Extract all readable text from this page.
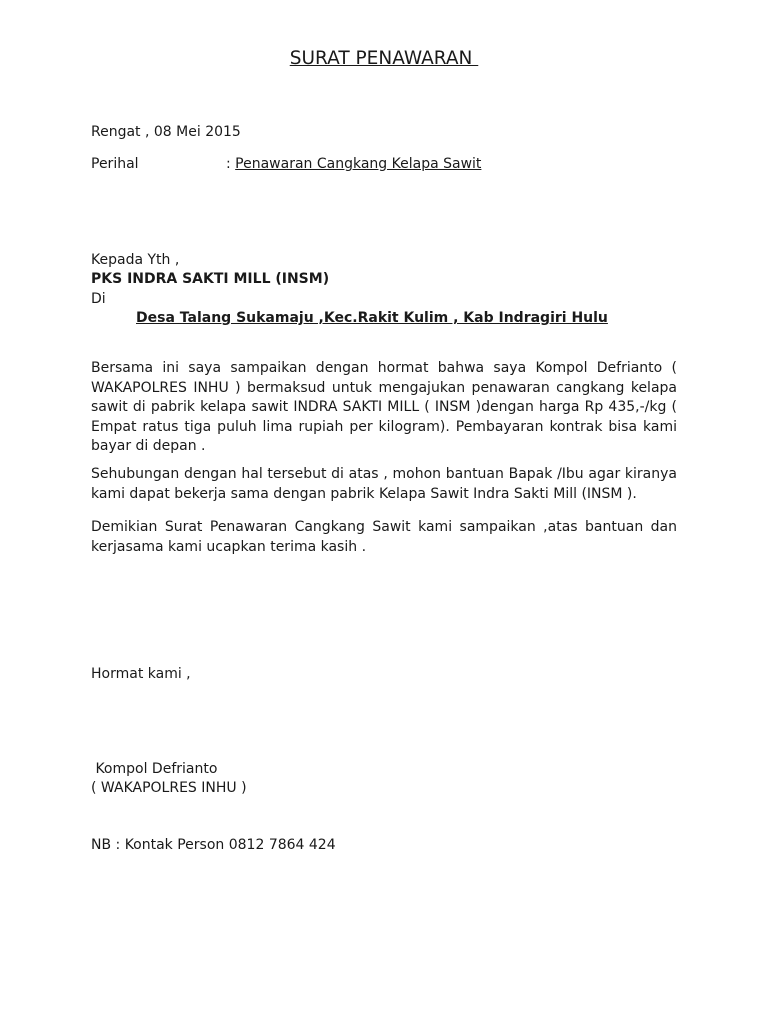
SURAT PENAWARAN
Rengat , 08 Mei 2015
Perihal	: Penawaran Cangkang Kelapa Sawit
Kepada Yth ,
PKS INDRA SAKTI MILL (INSM)
Di
Desa Talang Sukamaju ,Kec.Rakit Kulim , Kab Indragiri Hulu
Bersama ini saya sampaikan dengan hormat bahwa saya Kompol Defrianto ( WAKAPOLRES INHU ) bermaksud untuk mengajukan penawaran cangkang kelapa sawit di pabrik kelapa sawit INDRA SAKTI MILL ( INSM )dengan harga Rp 435,-/kg ( Empat ratus tiga puluh lima rupiah per kilogram). Pembayaran kontrak bisa kami bayar di depan .
Sehubungan dengan hal tersebut di atas , mohon bantuan Bapak /Ibu agar kiranya kami dapat bekerja sama dengan pabrik Kelapa Sawit Indra Sakti Mill (INSM ).
Demikian Surat Penawaran Cangkang Sawit kami sampaikan ,atas bantuan dan kerjasama kami ucapkan terima kasih .
Hormat kami ,
Kompol Defrianto
( WAKAPOLRES INHU )
NB : Kontak Person 0812 7864 424
